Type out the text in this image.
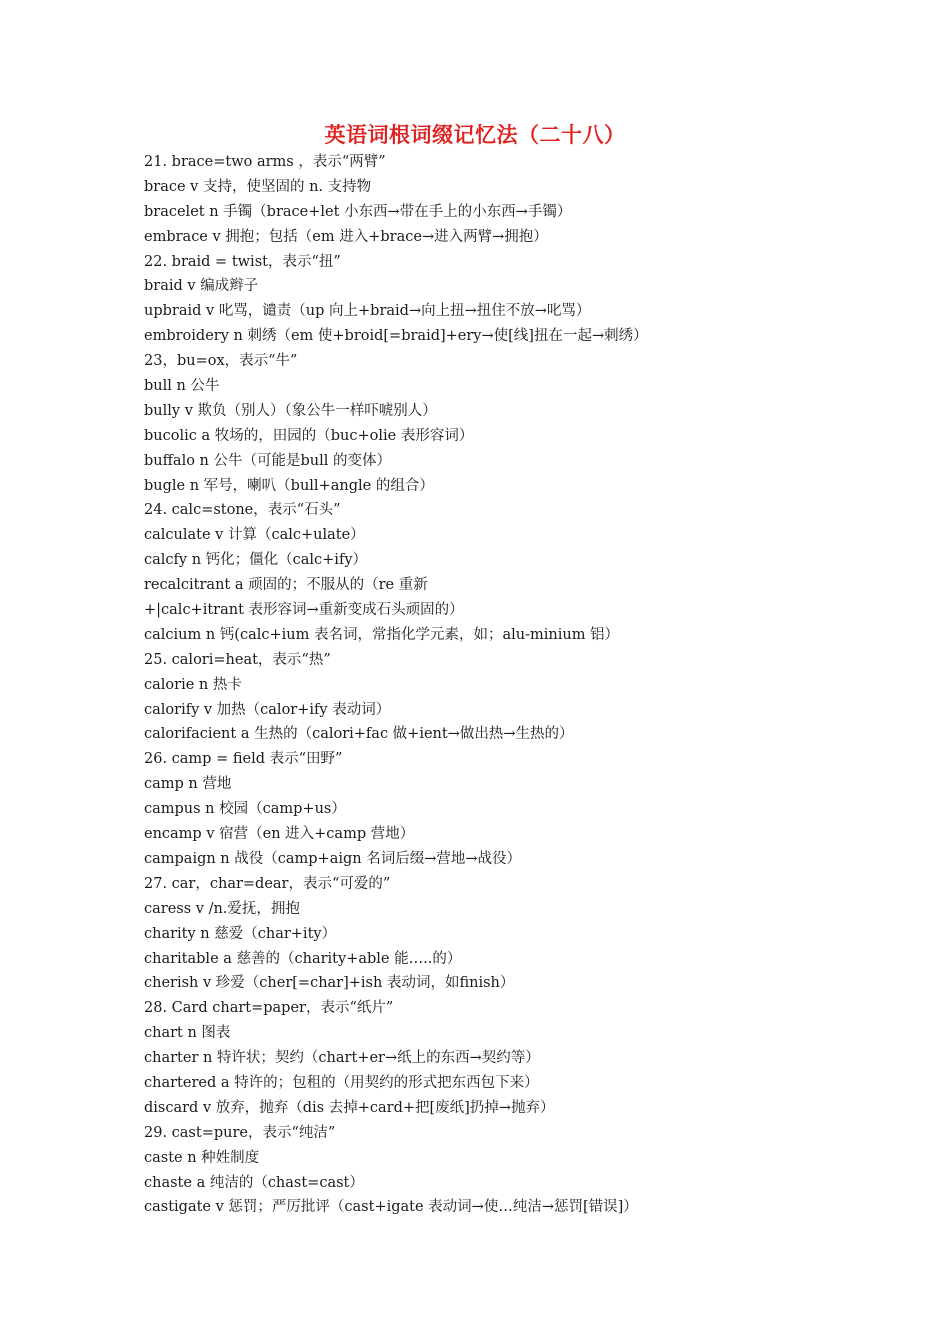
英语词根词缀记忆法（二十八）
21. brace=two arms ，表示“两臂”
brace v 支持，使坚固的 n. 支持物
bracelet n 手镯（brace+let 小东西→带在手上的小东西→手镯）
embrace v 拥抱；包括（em 进入+brace→进入两臂→拥抱）
22. braid = twist，表示“扭”
braid v 编成辫子
upbraid v 叱骂，谴责（up 向上+braid→向上扭→扭住不放→叱骂）
embroidery n 刺绣（em 使+broid[=braid]+ery→使[线]扭在一起→刺绣）
23，bu=ox，表示“牛”
bull n 公牛
bully v 欺负（别人）（象公牛一样吓唬别人）
bucolic a 牧场的，田园的（buc+olie 表形容词）
buffalo n 公牛（可能是bull 的变体）
bugle n 军号，喇叭（bull+angle 的组合）
24. calc=stone，表示“石头”
calculate v 计算（calc+ulate）
calcfy n 钙化；僵化（calc+ify）
recalcitrant a 顽固的；不服从的（re 重新
+|calc+itrant 表形容词→重新变成石头顽固的）
calcium n 钙(calc+ium 表名词，常指化学元素，如；alu-minium 铝）
25. calori=heat，表示“热”
calorie n 热卡
calorify v 加热（calor+ify 表动词）
calorifacient a 生热的（calori+fac 做+ient→做出热→生热的）
26. camp = field 表示“田野”
camp n 营地
campus n 校园（camp+us）
encamp v 宿营（en 进入+camp 营地）
campaign n 战役（camp+aign 名词后缀→营地→战役）
27. car，char=dear，表示“可爱的”
caress v /n.爱抚，拥抱
charity n 慈爱（char+ity）
charitable a 慈善的（charity+able 能…..的）
cherish v 珍爱（cher[=char]+ish 表动词，如finish）
28. Card chart=paper，表示“纸片”
chart n 图表
charter n 特许状；契约（chart+er→纸上的东西→契约等）
chartered a 特许的；包租的（用契约的形式把东西包下来）
discard v 放弃，抛弃（dis 去掉+card+把[废纸]扔掉→抛弃）
29. cast=pure，表示“纯洁”
caste n 种姓制度
chaste a 纯洁的（chast=cast）
castigate v 惩罚；严厉批评（cast+igate 表动词→使…纯洁→惩罚[错误]）
